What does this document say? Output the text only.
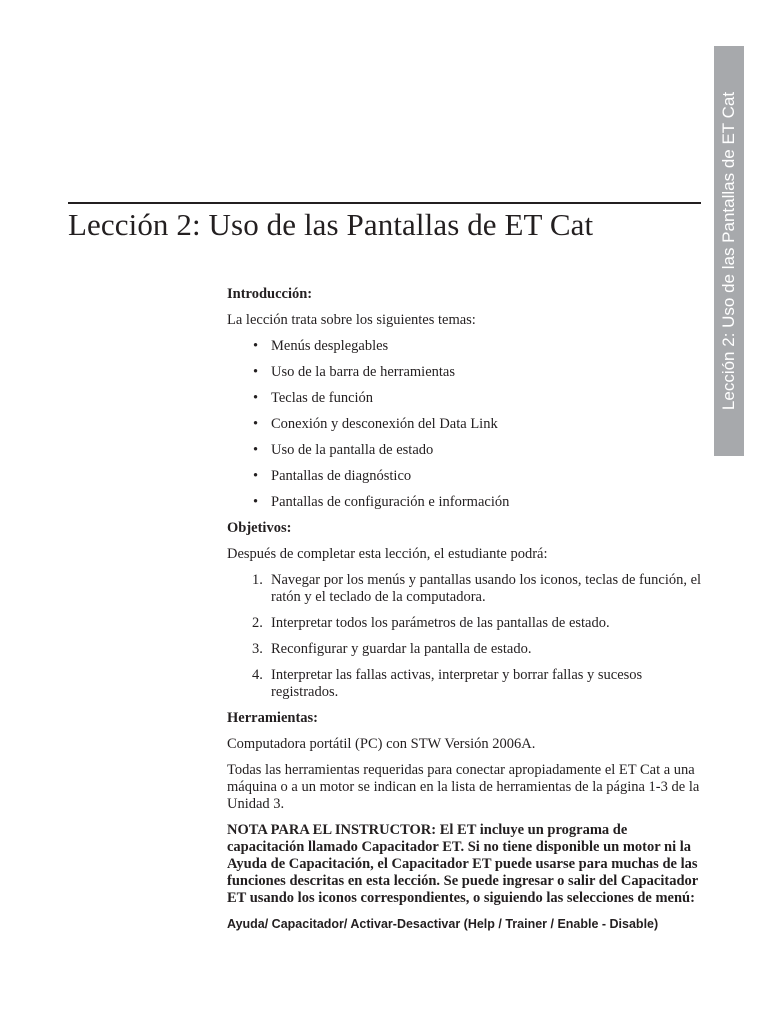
Lección 2: Uso de las Pantallas de ET Cat
Lección 2: Uso de las Pantallas de ET Cat

Introducción:

La lección trata sobre los siguientes temas:

• Menús desplegables
• Uso de la barra de herramientas
• Teclas de función
• Conexión y desconexión del Data Link
• Uso de la pantalla de estado
• Pantallas de diagnóstico
• Pantallas de configuración e información

Objetivos:

Después de completar esta lección, el estudiante podrá:

1. Navegar por los menús y pantallas usando los iconos, teclas de función, el ratón y el teclado de la computadora.
2. Interpretar todos los parámetros de las pantallas de estado.
3. Reconfigurar y guardar la pantalla de estado.
4. Interpretar las fallas activas, interpretar y borrar fallas y sucesos registrados.

Herramientas:

Computadora portátil (PC) con STW Versión 2006A.

Todas las herramientas requeridas para conectar apropiadamente el ET Cat a una máquina o a un motor se indican en la lista de herramientas de la página 1-3 de la Unidad 3.

NOTA PARA EL INSTRUCTOR: El ET incluye un programa de capacitación llamado Capacitador ET. Si no tiene disponible un motor ni la Ayuda de Capacitación, el Capacitador ET puede usarse para muchas de las funciones descritas en esta lección. Se puede ingresar o salir del Capacitador ET usando los iconos correspondientes, o siguiendo las selecciones de menú:

Ayuda/ Capacitador/ Activar-Desactivar (Help / Trainer / Enable - Disable)
